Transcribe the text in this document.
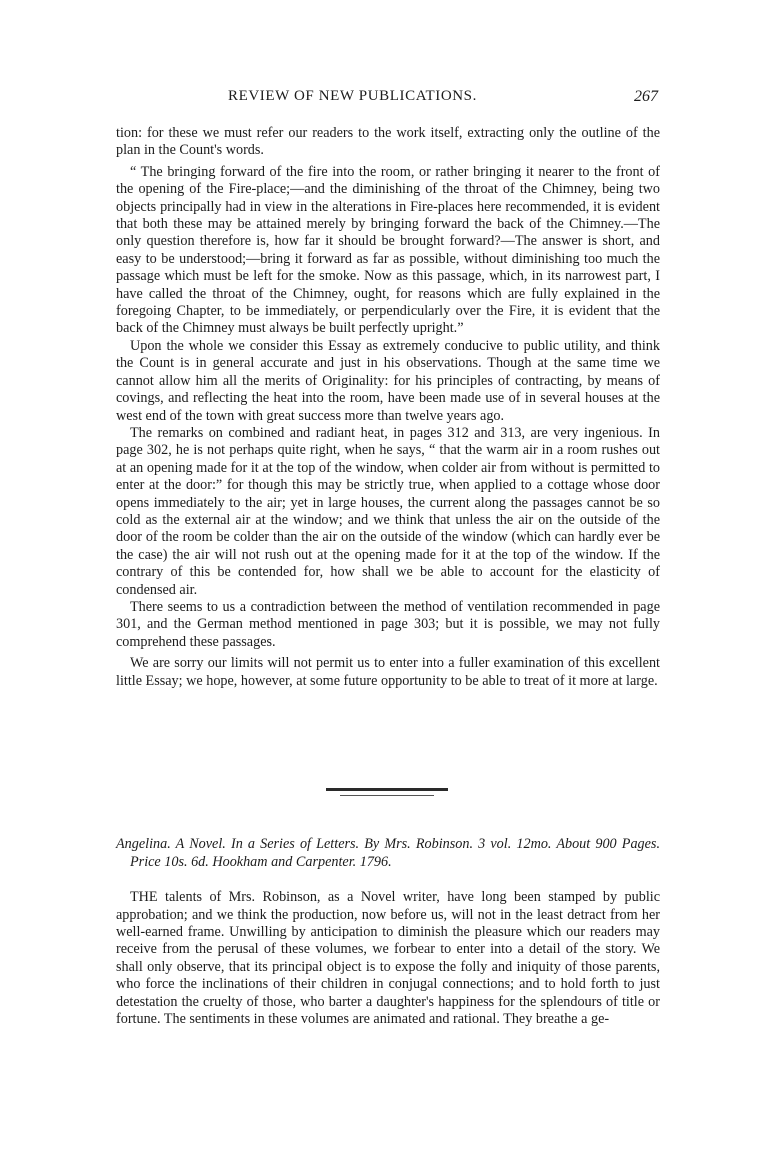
REVIEW OF NEW PUBLICATIONS.	267

tion: for these we must refer our readers to the work itself, extracting only the outline of the plan in the Count's words.

“ The bringing forward of the fire into the room, or rather bringing it nearer to the front of the opening of the Fire-place;—and the diminishing of the throat of the Chimney, being two objects principally had in view in the alterations in Fire-places here recommended, it is evident that both these may be attained merely by bringing forward the back of the Chimney.—The only question therefore is, how far it should be brought forward?—The answer is short, and easy to be understood;—bring it forward as far as possible, without diminishing too much the passage which must be left for the smoke. Now as this passage, which, in its narrowest part, I have called the throat of the Chimney, ought, for reasons which are fully explained in the foregoing Chapter, to be immediately, or perpendicularly over the Fire, it is evident that the back of the Chimney must always be built perfectly upright.”

Upon the whole we consider this Essay as extremely conducive to public utility, and think the Count is in general accurate and just in his observations. Though at the same time we cannot allow him all the merits of Originality: for his principles of contracting, by means of covings, and reflecting the heat into the room, have been made use of in several houses at the west end of the town with great success more than twelve years ago.

The remarks on combined and radiant heat, in pages 312 and 313, are very ingenious. In page 302, he is not perhaps quite right, when he says, “ that the warm air in a room rushes out at an opening made for it at the top of the window, when colder air from without is permitted to enter at the door:” for though this may be strictly true, when applied to a cottage whose door opens immediately to the air; yet in large houses, the current along the passages cannot be so cold as the external air at the window; and we think that unless the air on the outside of the door of the room be colder than the air on the outside of the window (which can hardly ever be the case) the air will not rush out at the opening made for it at the top of the window. If the contrary of this be contended for, how shall we be able to account for the elasticity of condensed air.

There seems to us a contradiction between the method of ventilation recommended in page 301, and the German method mentioned in page 303; but it is possible, we may not fully comprehend these passages.

We are sorry our limits will not permit us to enter into a fuller examination of this excellent little Essay; we hope, however, at some future opportunity to be able to treat of it more at large.

Angelina. A Novel. In a Series of Letters. By Mrs. Robinson. 3 vol. 12mo. About 900 Pages. Price 10s. 6d. Hookham and Carpenter. 1796.

THE talents of Mrs. Robinson, as a Novel writer, have long been stamped by public approbation; and we think the production, now before us, will not in the least detract from her well-earned frame. Unwilling by anticipation to diminish the pleasure which our readers may receive from the perusal of these volumes, we forbear to enter into a detail of the story. We shall only observe, that its principal object is to expose the folly and iniquity of those parents, who force the inclinations of their children in conjugal connections; and to hold forth to just detestation the cruelty of those, who barter a daughter's happiness for the splendours of title or fortune. The sentiments in these volumes are animated and rational. They breathe a ge-
